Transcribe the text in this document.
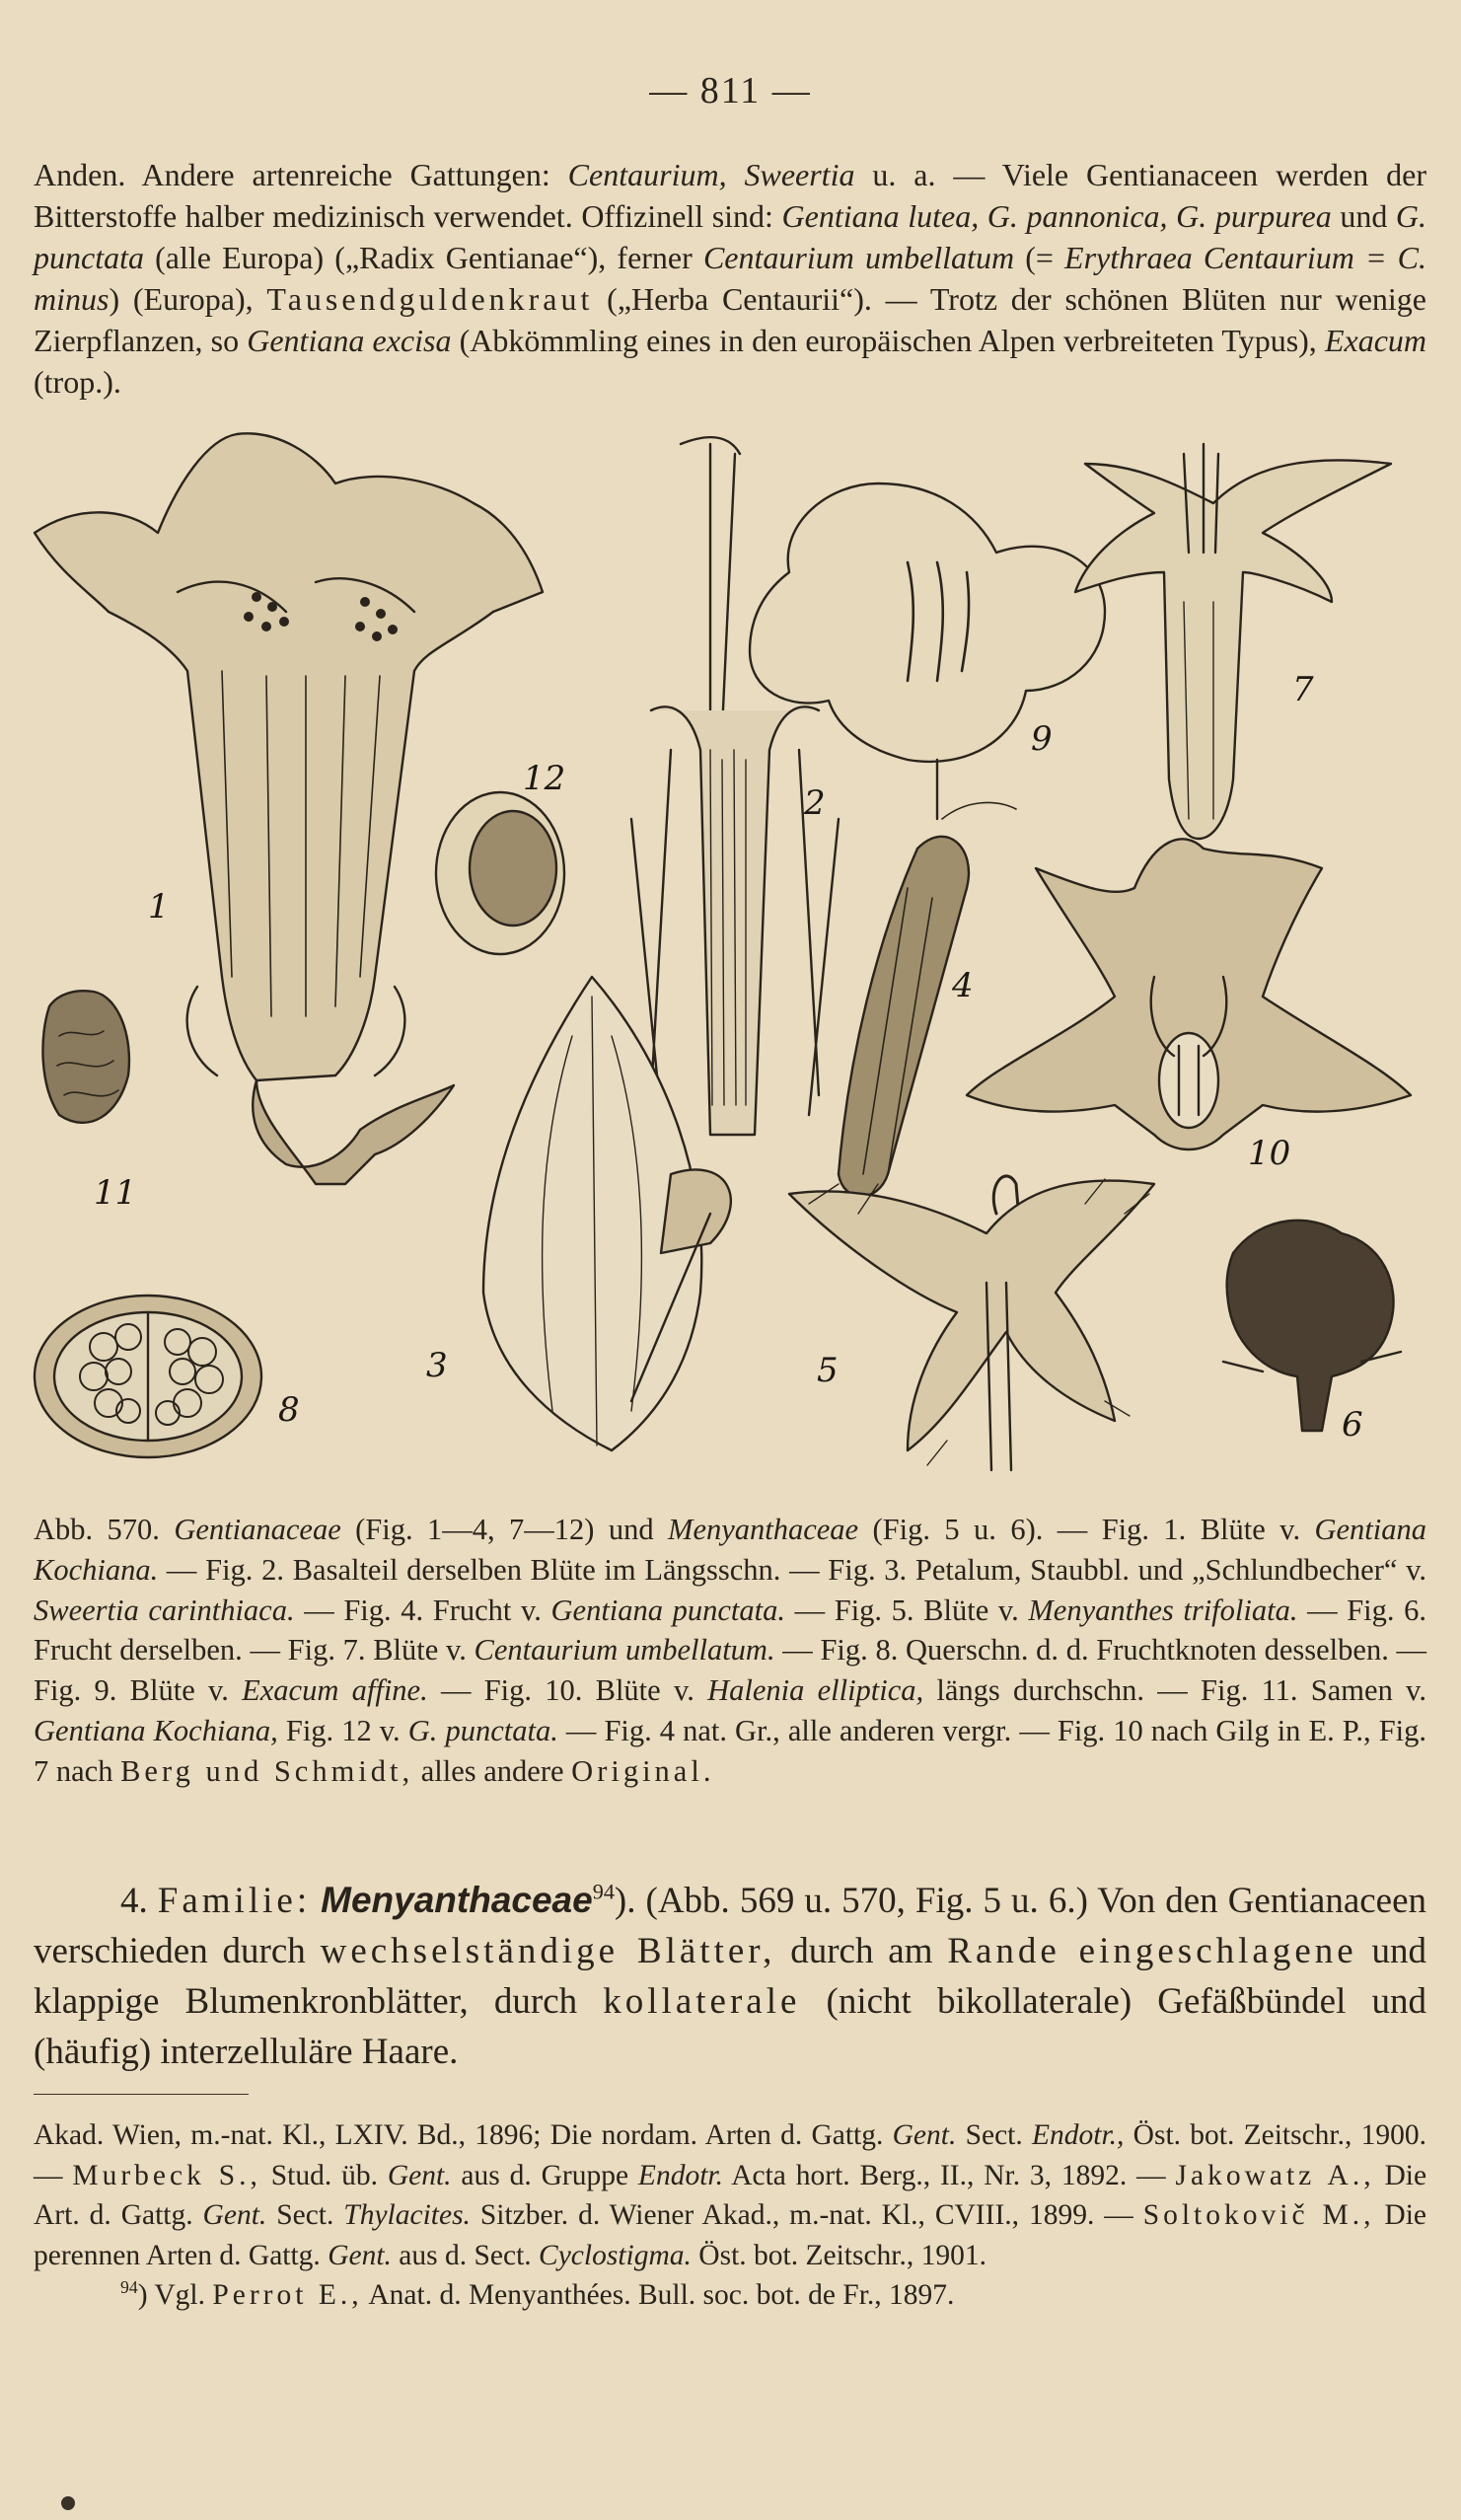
— 811 —

Anden. Andere artenreiche Gattungen: Centaurium, Sweertia u. a. — Viele Gentianaceen werden der Bitterstoffe halber medizinisch verwendet. Offizinell sind: Gentiana lutea, G. pannonica, G. purpurea und G. punctata (alle Europa) („Radix Gentianae“), ferner Centaurium umbellatum (= Erythraea Centaurium = C. minus) (Europa), Tausendguldenkraut („Herba Centaurii“). — Trotz der schönen Blüten nur wenige Zierpflanzen, so Gentiana excisa (Abkömmling eines in den europäischen Alpen verbreiteten Typus), Exacum (trop.).

1
2
3
4
5
6
7
8
9
10
11
12

Abb. 570. Gentianaceae (Fig. 1—4, 7—12) und Menyanthaceae (Fig. 5 u. 6). — Fig. 1. Blüte v. Gentiana Kochiana. — Fig. 2. Basalteil derselben Blüte im Längsschn. — Fig. 3. Petalum, Staubbl. und „Schlundbecher“ v. Sweertia carinthiaca. — Fig. 4. Frucht v. Gentiana punctata. — Fig. 5. Blüte v. Menyanthes trifoliata. — Fig. 6. Frucht derselben. — Fig. 7. Blüte v. Centaurium umbellatum. — Fig. 8. Querschn. d. d. Fruchtknoten desselben. — Fig. 9. Blüte v. Exacum affine. — Fig. 10. Blüte v. Halenia elliptica, längs durchschn. — Fig. 11. Samen v. Gentiana Kochiana, Fig. 12 v. G. punctata. — Fig. 4 nat. Gr., alle anderen vergr. — Fig. 10 nach Gilg in E. P., Fig. 7 nach Berg und Schmidt, alles andere Original.

4. Familie: Menyanthaceae$^{94}$). (Abb. 569 u. 570, Fig. 5 u. 6.) Von den Gentianaceen verschieden durch wechselständige Blätter, durch am Rande eingeschlagene und klappige Blumenkronblätter, durch kollaterale (nicht bikollaterale) Gefäßbündel und (häufig) interzelluläre Haare.

Akad. Wien, m.-nat. Kl., LXIV. Bd., 1896; Die nordam. Arten d. Gattg. Gent. Sect. Endotr., Öst. bot. Zeitschr., 1900. — Murbeck S., Stud. üb. Gent. aus d. Gruppe Endotr. Acta hort. Berg., II., Nr. 3, 1892. — Jakowatz A., Die Art. d. Gattg. Gent. Sect. Thylacites. Sitzber. d. Wiener Akad., m.-nat. Kl., CVIII., 1899. — Soltokovič M., Die perennen Arten d. Gattg. Gent. aus d. Sect. Cyclostigma. Öst. bot. Zeitschr., 1901.

$^{94}$) Vgl. Perrot E., Anat. d. Menyanthées. Bull. soc. bot. de Fr., 1897.
